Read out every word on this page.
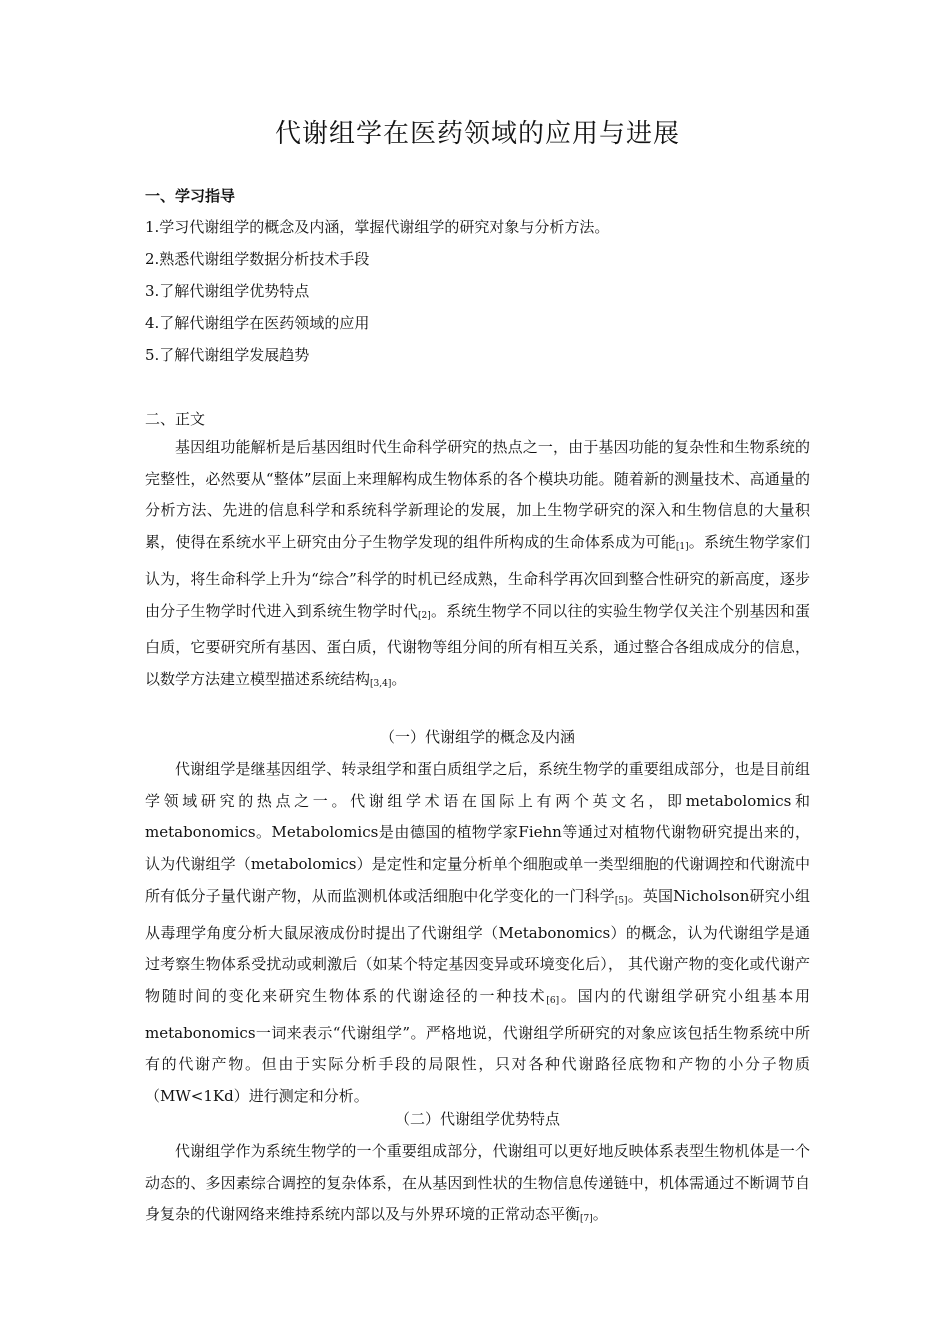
代谢组学在医药领域的应用与进展
一、学习指导
1.学习代谢组学的概念及内涵，掌握代谢组学的研究对象与分析方法。
2.熟悉代谢组学数据分析技术手段
3.了解代谢组学优势特点
4.了解代谢组学在医药领域的应用
5.了解代谢组学发展趋势
二、正文

基因组功能解析是后基因组时代生命科学研究的热点之一，由于基因功能的复杂性和生物系统的完整性，必然要从“整体”层面上来理解构成生物体系的各个模块功能。随着新的测量技术、高通量的分析方法、先进的信息科学和系统科学新理论的发展，加上生物学研究的深入和生物信息的大量积累，使得在系统水平上研究由分子生物学发现的组件所构成的生命体系成为可能[1]。系统生物学家们认为，将生命科学上升为“综合”科学的时机已经成熟，生命科学再次回到整合性研究的新高度，逐步由分子生物学时代进入到系统生物学时代[2]。系统生物学不同以往的实验生物学仅关注个别基因和蛋白质，它要研究所有基因、蛋白质，代谢物等组分间的所有相互关系，通过整合各组成成分的信息，以数学方法建立模型描述系统结构[3,4]。

（一）代谢组学的概念及内涵

代谢组学是继基因组学、转录组学和蛋白质组学之后，系统生物学的重要组成部分，也是目前组学领域研究的热点之一。代谢组学术语在国际上有两个英文名，即metabolomics和metabonomics。Metabolomics是由德国的植物学家Fiehn等通过对植物代谢物研究提出来的，认为代谢组学（metabolomics）是定性和定量分析单个细胞或单一类型细胞的代谢调控和代谢流中所有低分子量代谢产物，从而监测机体或活细胞中化学变化的一门科学[5]。英国Nicholson研究小组从毒理学角度分析大鼠尿液成份时提出了代谢组学（Metabonomics）的概念，认为代谢组学是通过考察生物体系受扰动或刺激后（如某个特定基因变异或环境变化后）， 其代谢产物的变化或代谢产物随时间的变化来研究生物体系的代谢途径的一种技术[6]。国内的代谢组学研究小组基本用metabonomics一词来表示“代谢组学”。严格地说，代谢组学所研究的对象应该包括生物系统中所有的代谢产物。但由于实际分析手段的局限性，只对各种代谢路径底物和产物的小分子物质（MW<1Kd）进行测定和分析。

（二）代谢组学优势特点

代谢组学作为系统生物学的一个重要组成部分，代谢组可以更好地反映体系表型生物机体是一个动态的、多因素综合调控的复杂体系，在从基因到性状的生物信息传递链中，机体需通过不断调节自身复杂的代谢网络来维持系统内部以及与外界环境的正常动态平衡[7]。
